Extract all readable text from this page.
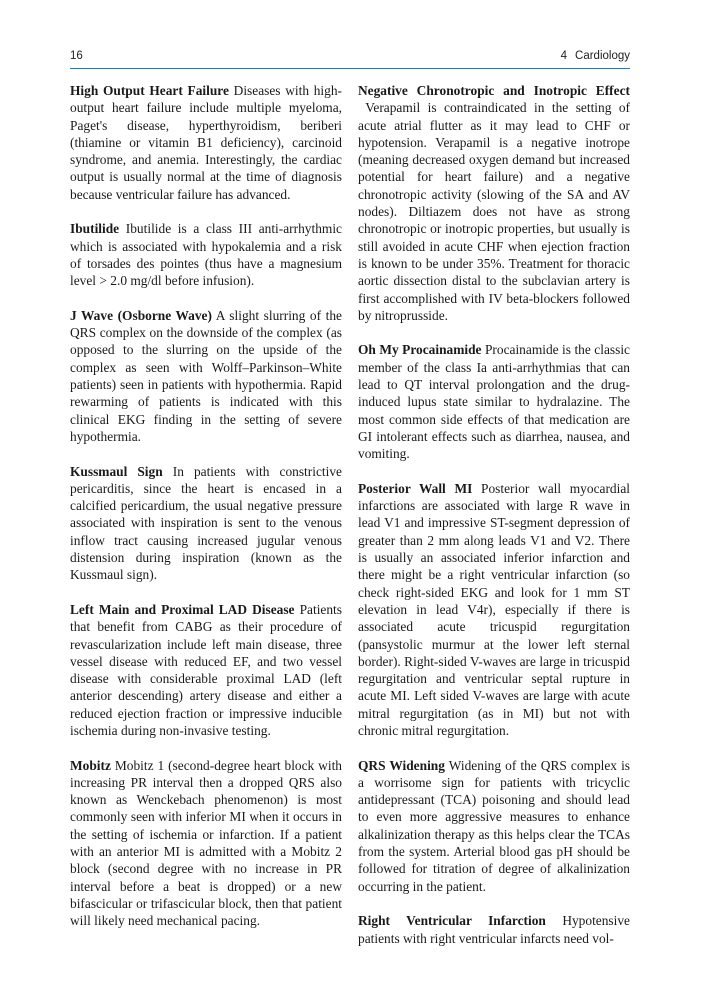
16	4 Cardiology

High Output Heart Failure Diseases with high-output heart failure include multiple myeloma, Paget's disease, hyperthyroidism, beriberi (thiamine or vitamin B1 deficiency), carcinoid syndrome, and anemia. Interestingly, the cardiac output is usually normal at the time of diagnosis because ventricular failure has advanced.

Ibutilide Ibutilide is a class III anti-arrhythmic which is associated with hypokalemia and a risk of torsades des pointes (thus have a magnesium level > 2.0 mg/dl before infusion).

J Wave (Osborne Wave) A slight slurring of the QRS complex on the downside of the complex (as opposed to the slurring on the upside of the complex as seen with Wolff–Parkinson–White patients) seen in patients with hypothermia. Rapid rewarming of patients is indicated with this clinical EKG finding in the setting of severe hypothermia.

Kussmaul Sign In patients with constrictive pericarditis, since the heart is encased in a calcified pericardium, the usual negative pressure associated with inspiration is sent to the venous inflow tract causing increased jugular venous distension during inspiration (known as the Kussmaul sign).

Left Main and Proximal LAD Disease Patients that benefit from CABG as their procedure of revascularization include left main disease, three vessel disease with reduced EF, and two vessel disease with considerable proximal LAD (left anterior descending) artery disease and either a reduced ejection fraction or impressive inducible ischemia during non-invasive testing.

Mobitz Mobitz 1 (second-degree heart block with increasing PR interval then a dropped QRS also known as Wenckebach phenomenon) is most commonly seen with inferior MI when it occurs in the setting of ischemia or infarction. If a patient with an anterior MI is admitted with a Mobitz 2 block (second degree with no increase in PR interval before a beat is dropped) or a new bifascicular or trifascicular block, then that patient will likely need mechanical pacing.

Negative Chronotropic and Inotropic Effect Verapamil is contraindicated in the setting of acute atrial flutter as it may lead to CHF or hypotension. Verapamil is a negative inotrope (meaning decreased oxygen demand but increased potential for heart failure) and a negative chronotropic activity (slowing of the SA and AV nodes). Diltiazem does not have as strong chronotropic or inotropic properties, but usually is still avoided in acute CHF when ejection fraction is known to be under 35%. Treatment for thoracic aortic dissection distal to the subclavian artery is first accomplished with IV beta-blockers followed by nitroprusside.

Oh My Procainamide Procainamide is the classic member of the class Ia anti-arrhythmias that can lead to QT interval prolongation and the drug-induced lupus state similar to hydralazine. The most common side effects of that medication are GI intolerant effects such as diarrhea, nausea, and vomiting.

Posterior Wall MI Posterior wall myocardial infarctions are associated with large R wave in lead V1 and impressive ST-segment depression of greater than 2 mm along leads V1 and V2. There is usually an associated inferior infarction and there might be a right ventricular infarction (so check right-sided EKG and look for 1 mm ST elevation in lead V4r), especially if there is associated acute tricuspid regurgitation (pansystolic murmur at the lower left sternal border). Right-sided V-waves are large in tricuspid regurgitation and ventricular septal rupture in acute MI. Left sided V-waves are large with acute mitral regurgitation (as in MI) but not with chronic mitral regurgitation.

QRS Widening Widening of the QRS complex is a worrisome sign for patients with tricyclic antidepressant (TCA) poisoning and should lead to even more aggressive measures to enhance alkalinization therapy as this helps clear the TCAs from the system. Arterial blood gas pH should be followed for titration of degree of alkalinization occurring in the patient.

Right Ventricular Infarction Hypotensive patients with right ventricular infarcts need vol-
